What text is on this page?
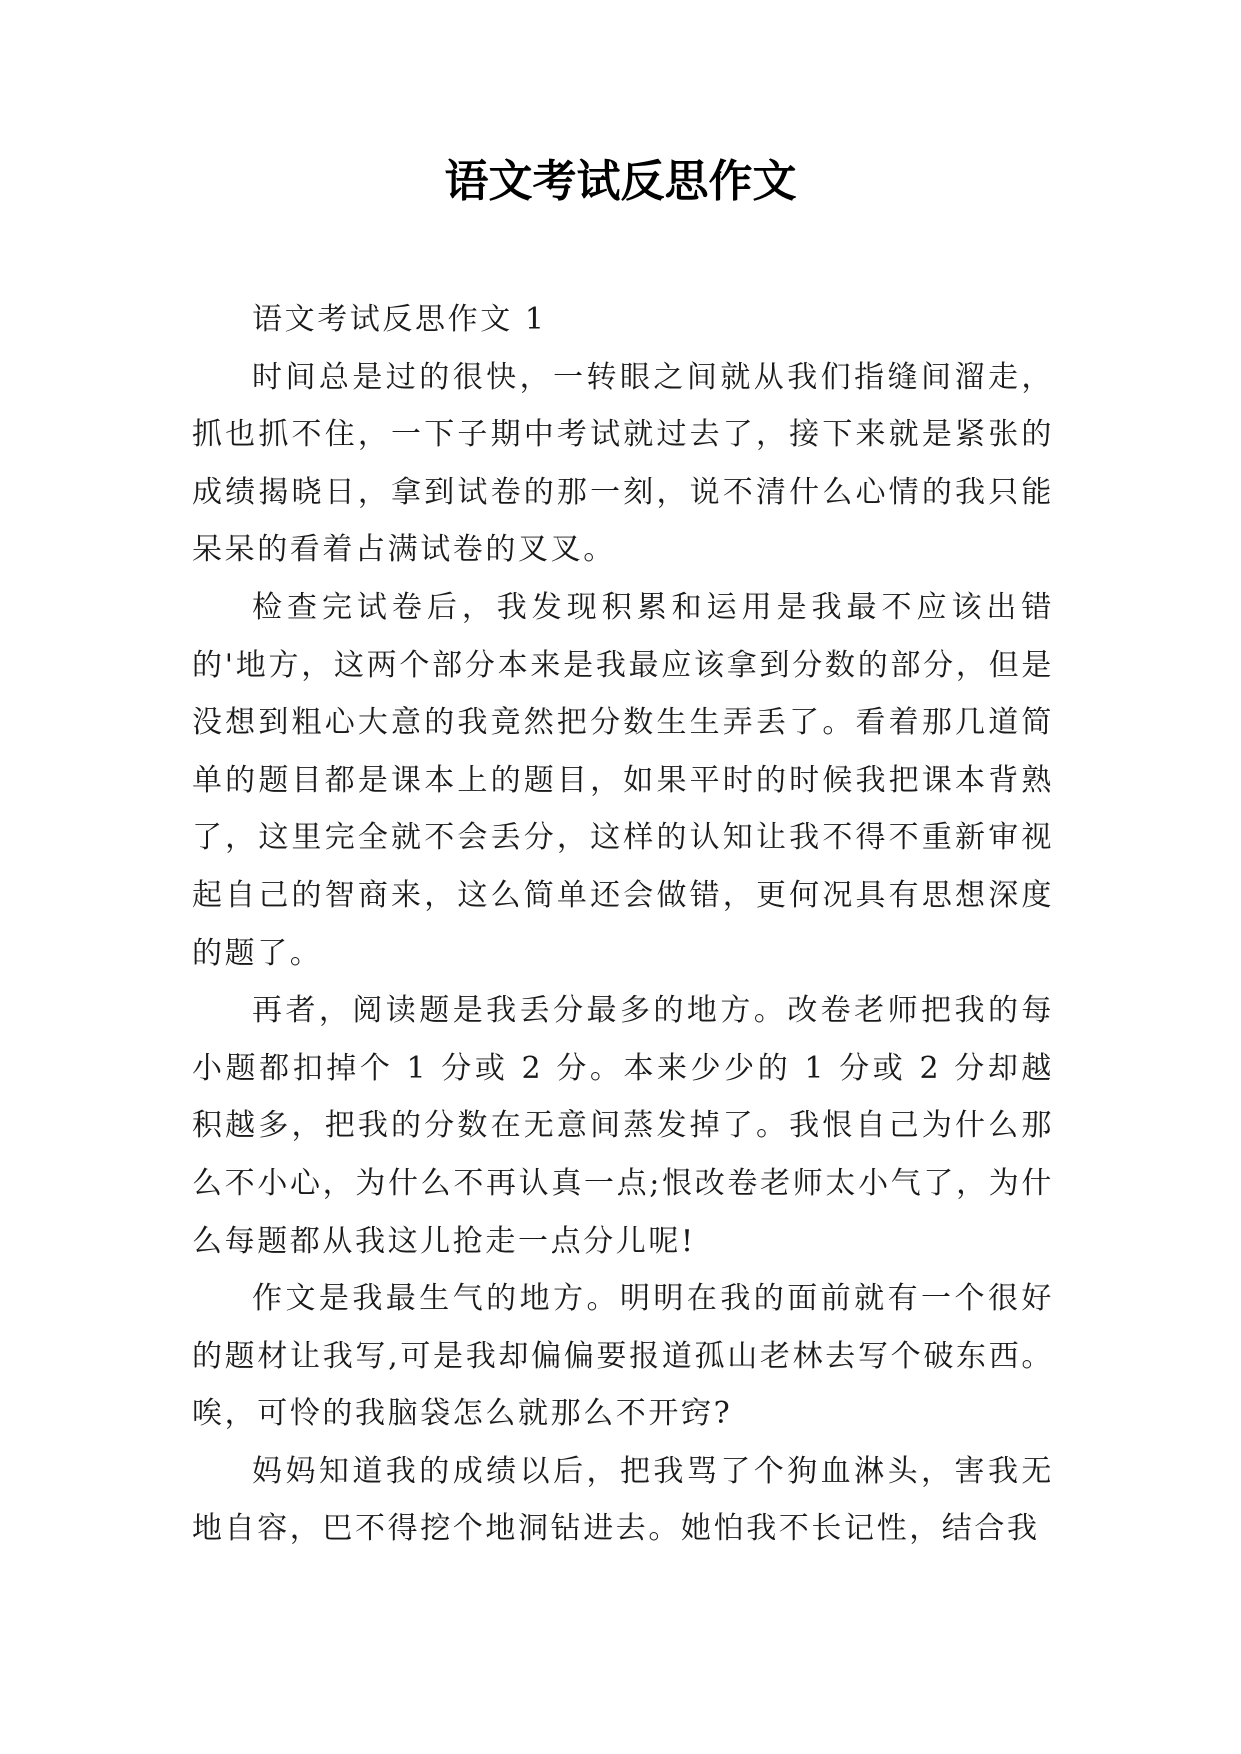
语文考试反思作文

语文考试反思作文 1

时间总是过的很快，一转眼之间就从我们指缝间溜走，抓也抓不住，一下子期中考试就过去了，接下来就是紧张的成绩揭晓日，拿到试卷的那一刻，说不清什么心情的我只能呆呆的看着占满试卷的叉叉。

检查完试卷后，我发现积累和运用是我最不应该出错的'地方，这两个部分本来是我最应该拿到分数的部分，但是没想到粗心大意的我竟然把分数生生弄丢了。看着那几道简单的题目都是课本上的题目，如果平时的时候我把课本背熟了，这里完全就不会丢分，这样的认知让我不得不重新审视起自己的智商来，这么简单还会做错，更何况具有思想深度的题了。

再者，阅读题是我丢分最多的地方。改卷老师把我的每小题都扣掉个 1 分或 2 分。本来少少的 1 分或 2 分却越积越多，把我的分数在无意间蒸发掉了。我恨自己为什么那么不小心，为什么不再认真一点;恨改卷老师太小气了，为什么每题都从我这儿抢走一点分儿呢!

作文是我最生气的地方。明明在我的面前就有一个很好的题材让我写,可是我却偏偏要报道孤山老林去写个破东西。唉，可怜的我脑袋怎么就那么不开窍?

妈妈知道我的成绩以后，把我骂了个狗血淋头，害我无地自容，巴不得挖个地洞钻进去。她怕我不长记性，结合我
